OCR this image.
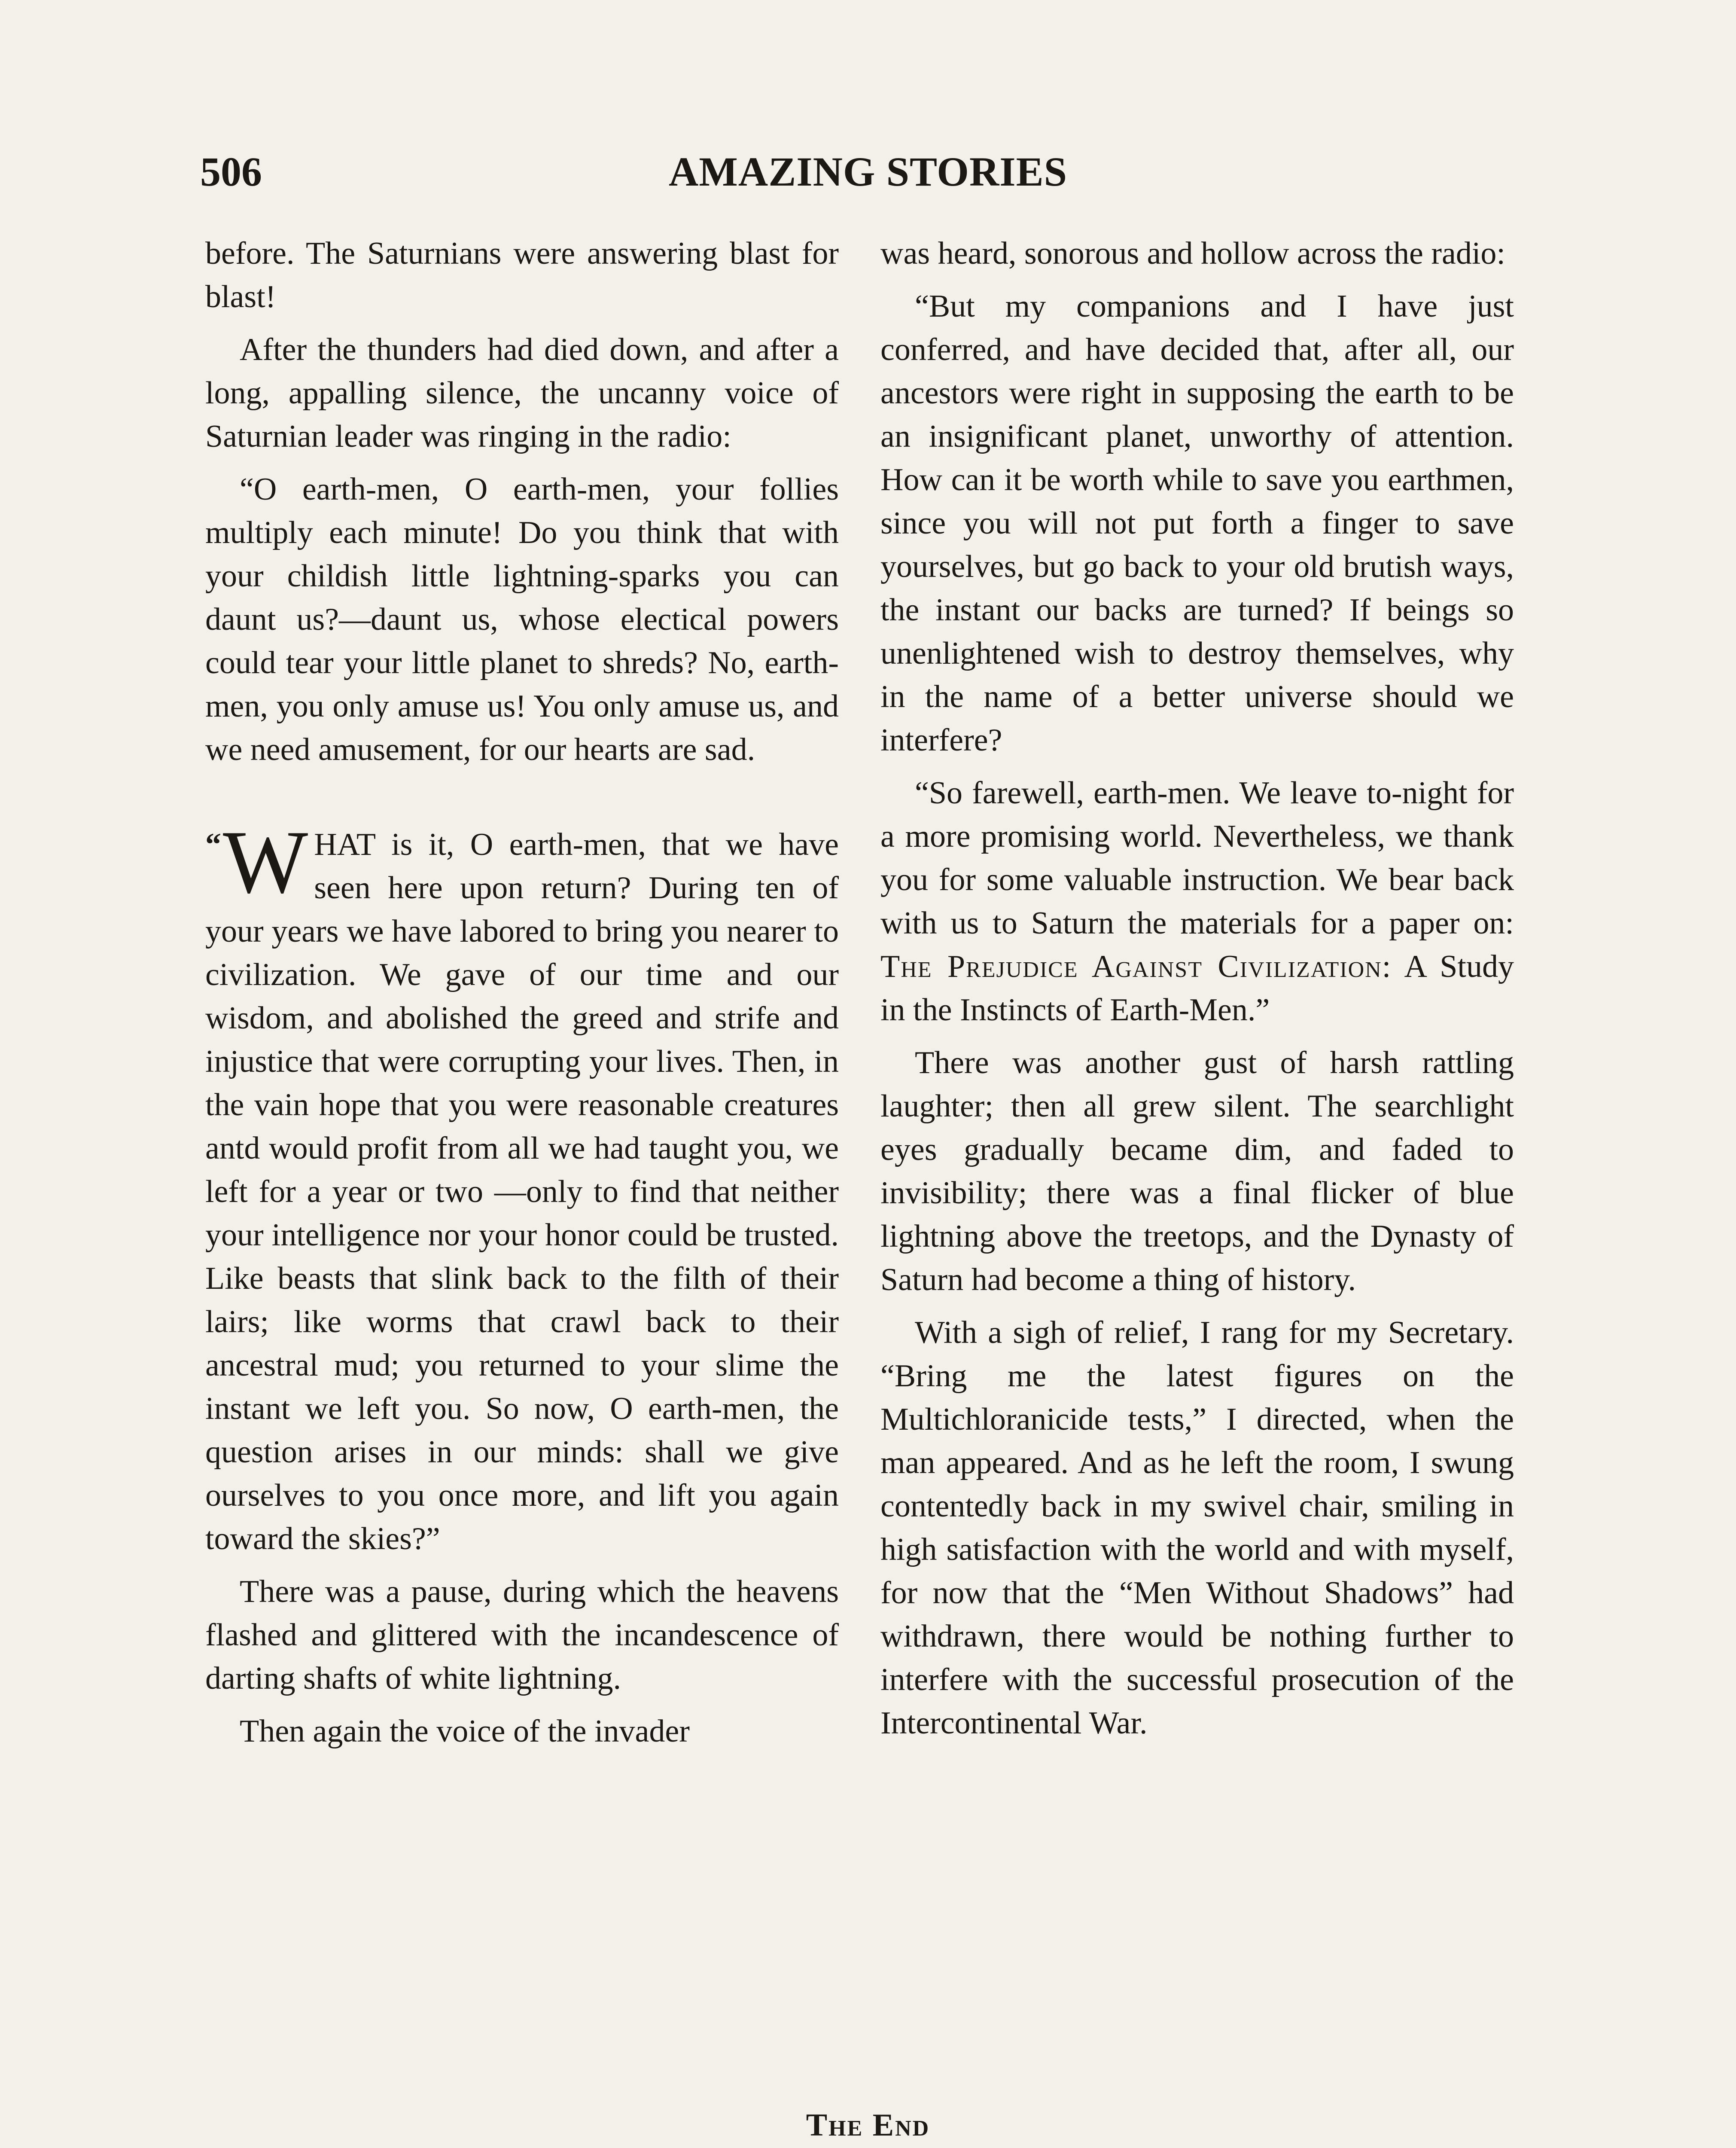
506	AMAZING STORIES

before. The Saturnians were answering blast for blast!

After the thunders had died down, and after a long, appalling silence, the uncanny voice of Saturnian leader was ringing in the radio:

“O earth-men, O earth-men, your follies multiply each minute! Do you think that with your childish little lightning-sparks you can daunt us?—daunt us, whose electical powers could tear your little planet to shreds? No, earth-men, you only amuse us! You only amuse us, and we need amusement, for our hearts are sad.

“ W HAT is it, O earth-men, that we have seen here upon return? During ten of your years we have labored to bring you nearer to civilization. We gave of our time and our wisdom, and abolished the greed and strife and injustice that were corrupting your lives. Then, in the vain hope that you were reasonable creatures antd would profit from all we had taught you, we left for a year or two —only to find that neither your intelligence nor your honor could be trusted. Like beasts that slink back to the filth of their lairs; like worms that crawl back to their ancestral mud; you returned to your slime the instant we left you. So now, O earth-men, the question arises in our minds: shall we give ourselves to you once more, and lift you again toward the skies?”

There was a pause, during which the heavens flashed and glittered with the incandescence of darting shafts of white lightning.

Then again the voice of the invader

was heard, sonorous and hollow across the radio:

“But my companions and I have just conferred, and have decided that, after all, our ancestors were right in supposing the earth to be an insignificant planet, unworthy of attention. How can it be worth while to save you earthmen, since you will not put forth a finger to save yourselves, but go back to your old brutish ways, the instant our backs are turned? If beings so unenlightened wish to destroy themselves, why in the name of a better universe should we interfere?

“So farewell, earth-men. We leave to-night for a more promising world. Nevertheless, we thank you for some valuable instruction. We bear back with us to Saturn the materials for a paper on: The Prejudice Against Civilization: A Study in the Instincts of Earth-Men.”

There was another gust of harsh rattling laughter; then all grew silent. The searchlight eyes gradually became dim, and faded to invisibility; there was a final flicker of blue lightning above the treetops, and the Dynasty of Saturn had become a thing of history.

With a sigh of relief, I rang for my Secretary. “Bring me the latest figures on the Multichloranicide tests,” I directed, when the man appeared. And as he left the room, I swung contentedly back in my swivel chair, smiling in high satisfaction with the world and with myself, for now that the “Men Without Shadows” had withdrawn, there would be nothing further to interfere with the successful prosecution of the Intercontinental War.

The End
